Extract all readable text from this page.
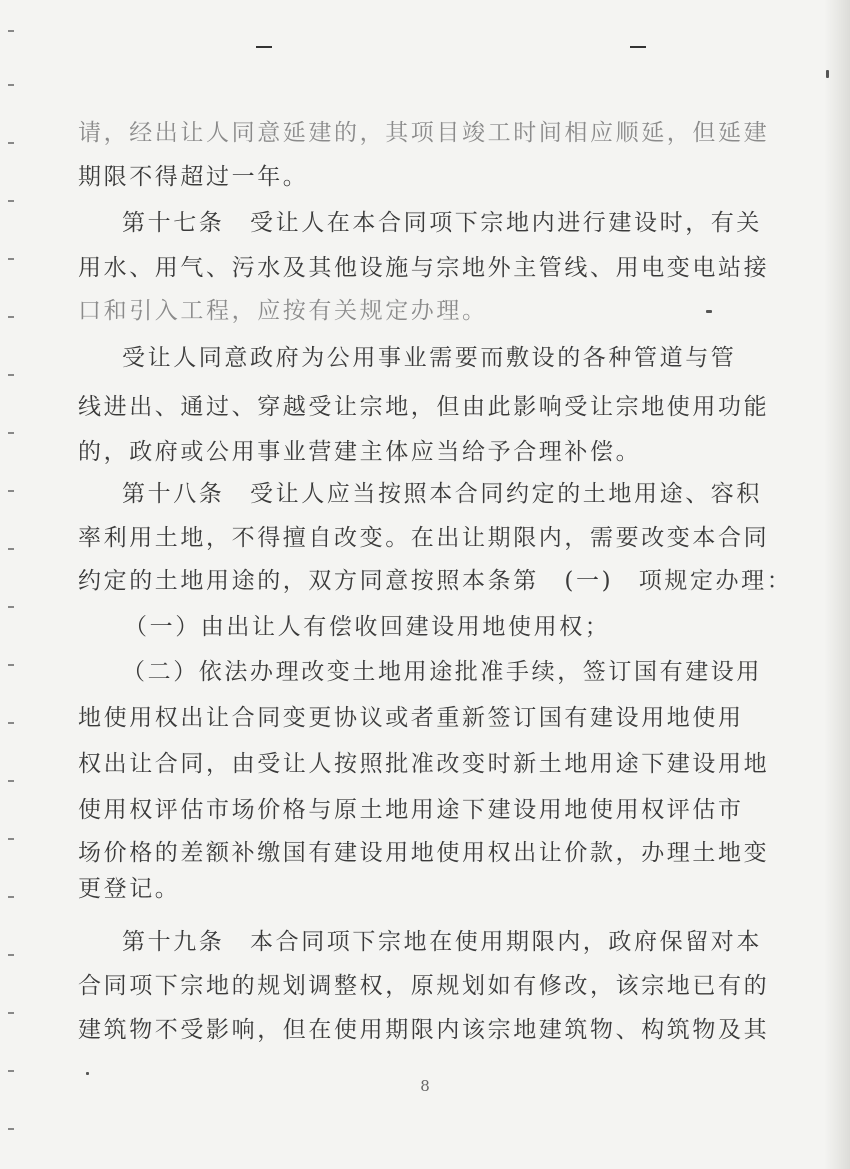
请，经出让人同意延建的，其项目竣工时间相应顺延，但延建
期限不得超过一年。
第十七条　受让人在本合同项下宗地内进行建设时，有关
用水、用气、污水及其他设施与宗地外主管线、用电变电站接
口和引入工程，应按有关规定办理。
受让人同意政府为公用事业需要而敷设的各种管道与管
线进出、通过、穿越受让宗地，但由此影响受让宗地使用功能
的，政府或公用事业营建主体应当给予合理补偿。
第十八条　受让人应当按照本合同约定的土地用途、容积
率利用土地，不得擅自改变。在出让期限内，需要改变本合同
约定的土地用途的，双方同意按照本条第　(一)　项规定办理：
（一）由出让人有偿收回建设用地使用权；
（二）依法办理改变土地用途批准手续，签订国有建设用
地使用权出让合同变更协议或者重新签订国有建设用地使用
权出让合同，由受让人按照批准改变时新土地用途下建设用地
使用权评估市场价格与原土地用途下建设用地使用权评估市
场价格的差额补缴国有建设用地使用权出让价款，办理土地变
更登记。
第十九条　本合同项下宗地在使用期限内，政府保留对本
合同项下宗地的规划调整权，原规划如有修改，该宗地已有的
建筑物不受影响，但在使用期限内该宗地建筑物、构筑物及其
8
